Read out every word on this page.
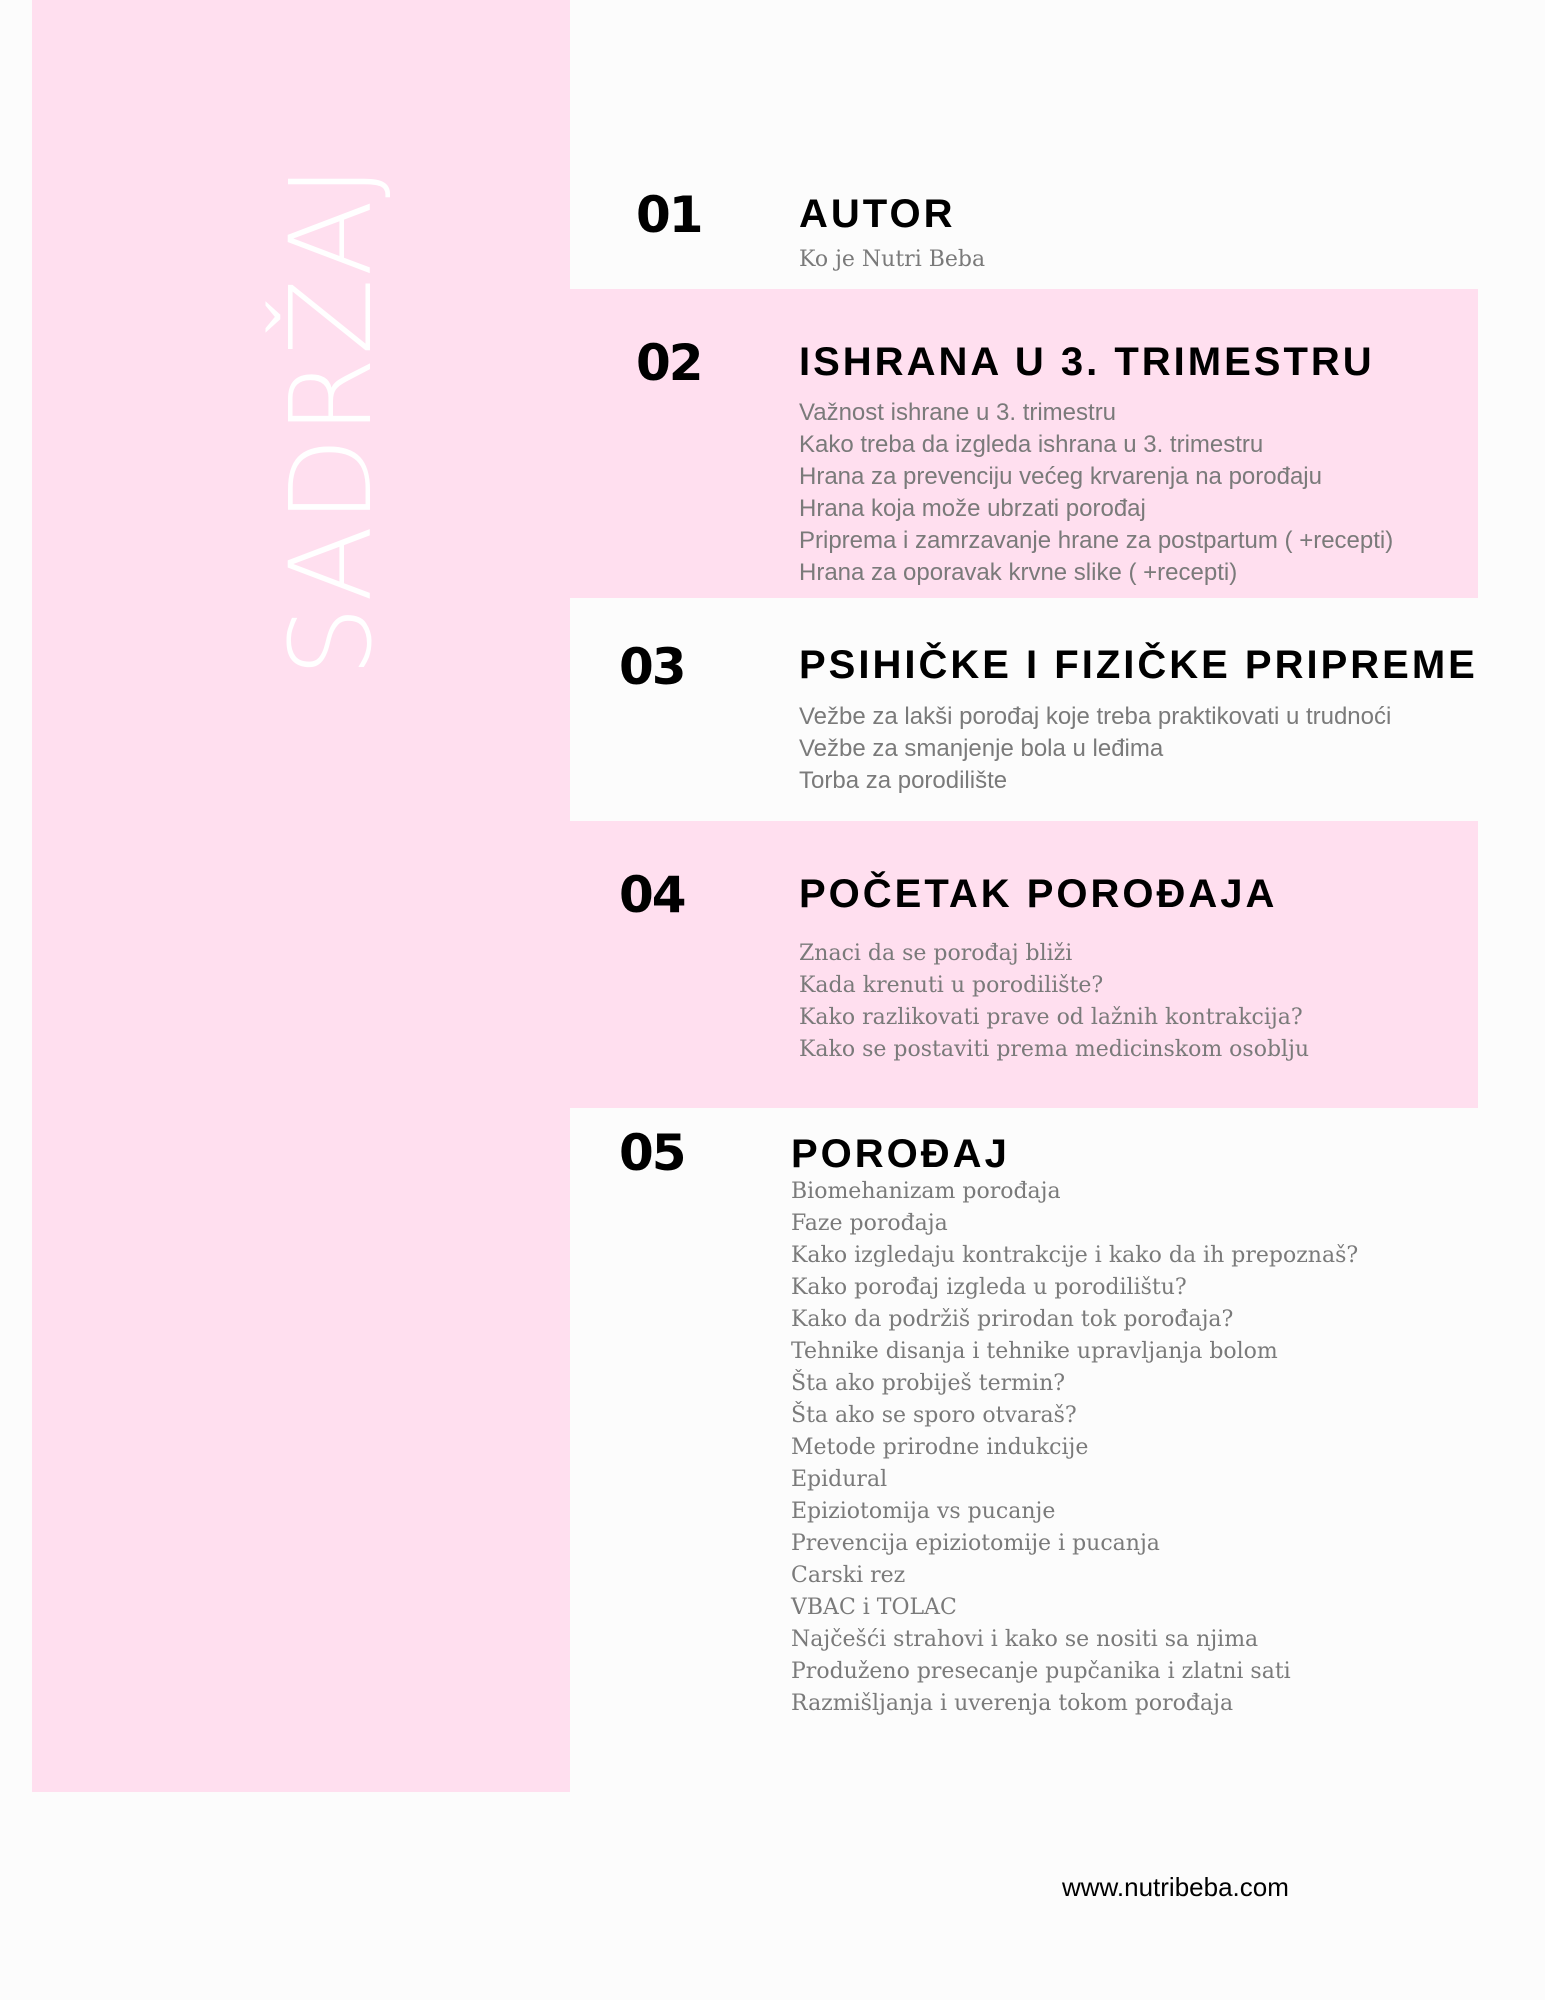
SADRŽAJ	01 AUTOR
Ko je Nutri Beba
02 ISHRANA U 3. TRIMESTRU
Važnost ishrane u 3. trimestru
Kako treba da izgleda ishrana u 3. trimestru
Hrana za prevenciju većeg krvarenja na porođaju
Hrana koja može ubrzati porođaj
Priprema i zamrzavanje hrane za postpartum ( +recepti)
Hrana za oporavak krvne slike ( +recepti)
03	PSIHIČKE I FIZIČKE PRIPREME
Vežbe za lakši porođaj koje treba praktikovati u trudnoći
Vežbe za smanjenje bola u leđima
Torba za porodilište
04	POČETAK POROĐAJA
Znaci da se porođaj bliži
Kada krenuti u porodilište?
Kako razlikovati prave od lažnih kontrakcija?
Kako se postaviti prema medicinskom osoblju
05	POROĐAJ
Biomehanizam porođaja
Faze porođaja
Kako izgledaju kontrakcije i kako da ih prepoznaš?
Kako porođaj izgleda u porodilištu?
Kako da podržiš prirodan tok porođaja?
Tehnike disanja i tehnike upravljanja bolom
Šta ako probiješ termin?
Šta ako se sporo otvaraš?
Metode prirodne indukcije
Epidural
Epiziotomija vs pucanje
Prevencija epiziotomije i pucanja
Carski rez
VBAC i TOLAC
Najčešći strahovi i kako se nositi sa njima
Produženo presecanje pupčanika i zlatni sati
Razmišljanja i uverenja tokom porođaja
www.nutribeba.com
